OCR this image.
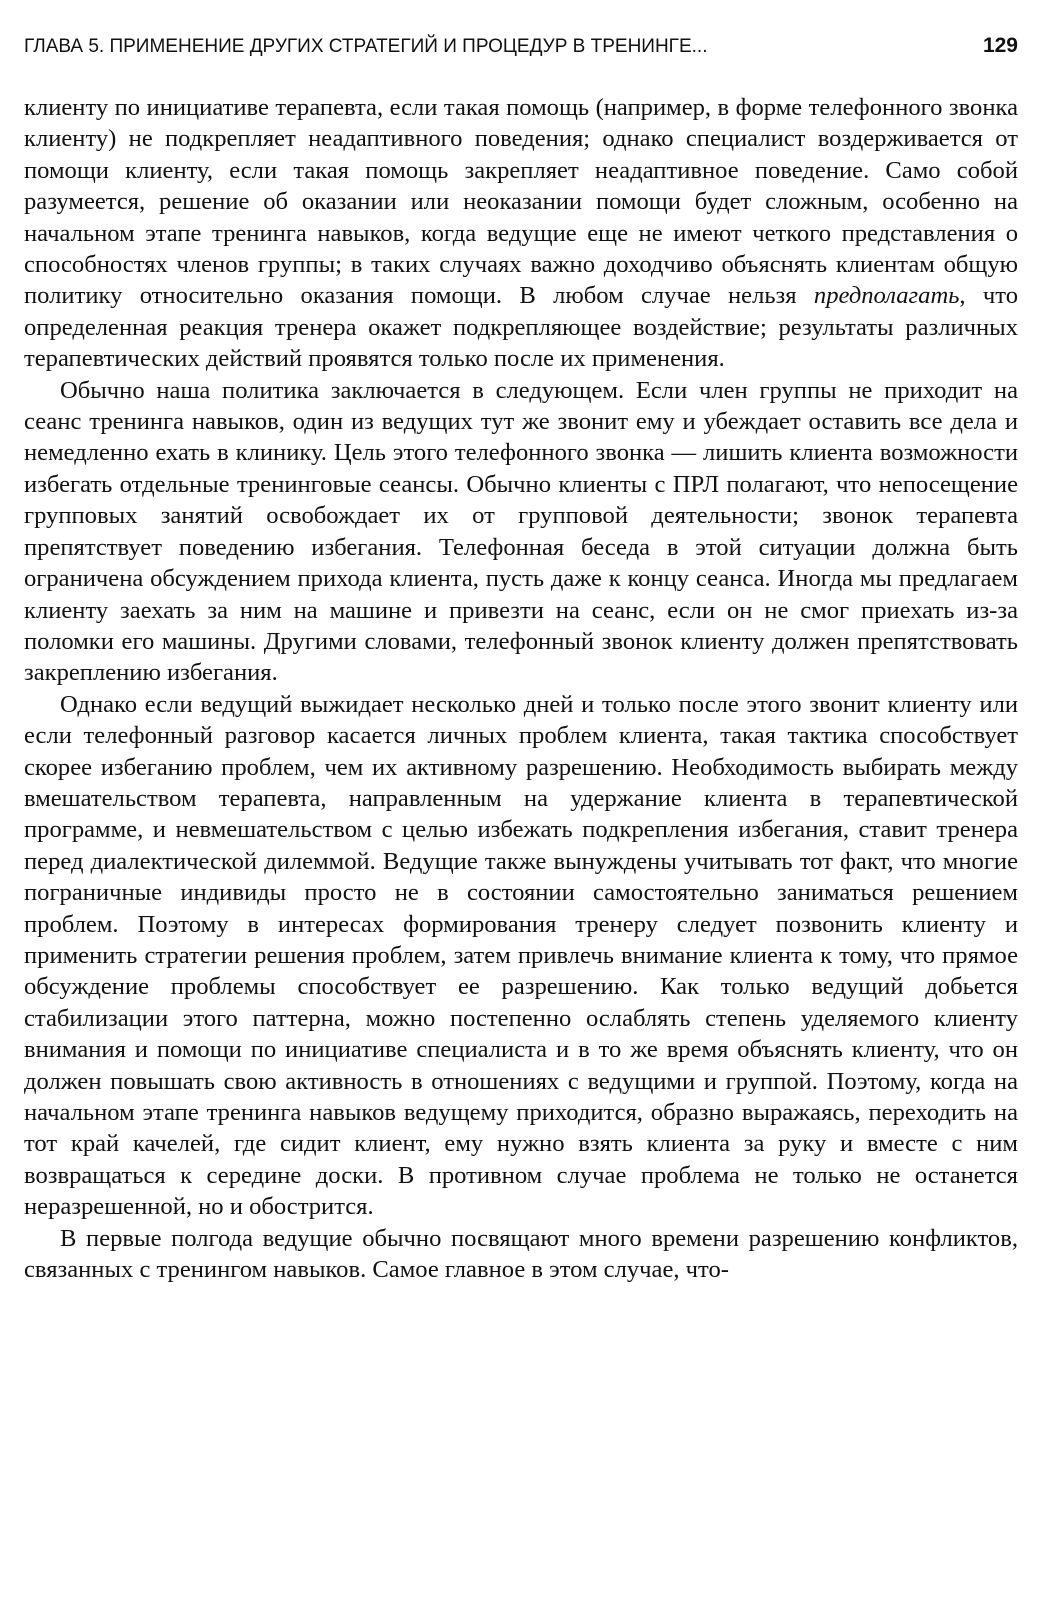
ГЛАВА 5. ПРИМЕНЕНИЕ ДРУГИХ СТРАТЕГИЙ И ПРОЦЕДУР В ТРЕНИНГЕ...	129

клиенту по инициативе терапевта, если такая помощь (например, в форме телефонного звонка клиенту) не подкрепляет неадаптивного поведения; однако специалист воздерживается от помощи клиенту, если такая помощь закрепляет неадаптивное поведение. Само собой разумеется, решение об оказании или неоказании помощи будет сложным, особенно на начальном этапе тренинга навыков, когда ведущие еще не имеют четкого представления о способностях членов группы; в таких случаях важно доходчиво объяснять клиентам общую политику относительно оказания помощи. В любом случае нельзя предполагать, что определенная реакция тренера окажет подкрепляющее воздействие; результаты различных терапевтических действий проявятся только после их применения.

Обычно наша политика заключается в следующем. Если член группы не приходит на сеанс тренинга навыков, один из ведущих тут же звонит ему и убеждает оставить все дела и немедленно ехать в клинику. Цель этого телефонного звонка — лишить клиента возможности избегать отдельные тренинговые сеансы. Обычно клиенты с ПРЛ полагают, что непосещение групповых занятий освобождает их от групповой деятельности; звонок терапевта препятствует поведению избегания. Телефонная беседа в этой ситуации должна быть ограничена обсуждением прихода клиента, пусть даже к концу сеанса. Иногда мы предлагаем клиенту заехать за ним на машине и привезти на сеанс, если он не смог приехать из-за поломки его машины. Другими словами, телефонный звонок клиенту должен препятствовать закреплению избегания.

Однако если ведущий выжидает несколько дней и только после этого звонит клиенту или если телефонный разговор касается личных проблем клиента, такая тактика способствует скорее избеганию проблем, чем их активному разрешению. Необходимость выбирать между вмешательством терапевта, направленным на удержание клиента в терапевтической программе, и невмешательством с целью избежать подкрепления избегания, ставит тренера перед диалектической дилеммой. Ведущие также вынуждены учитывать тот факт, что многие пограничные индивиды просто не в состоянии самостоятельно заниматься решением проблем. Поэтому в интересах формирования тренеру следует позвонить клиенту и применить стратегии решения проблем, затем привлечь внимание клиента к тому, что прямое обсуждение проблемы способствует ее разрешению. Как только ведущий добьется стабилизации этого паттерна, можно постепенно ослаблять степень уделяемого клиенту внимания и помощи по инициативе специалиста и в то же время объяснять клиенту, что он должен повышать свою активность в отношениях с ведущими и группой. Поэтому, когда на начальном этапе тренинга навыков ведущему приходится, образно выражаясь, переходить на тот край качелей, где сидит клиент, ему нужно взять клиента за руку и вместе с ним возвращаться к середине доски. В противном случае проблема не только не останется неразрешенной, но и обострится.

В первые полгода ведущие обычно посвящают много времени разрешению конфликтов, связанных с тренингом навыков. Самое главное в этом случае, что-
